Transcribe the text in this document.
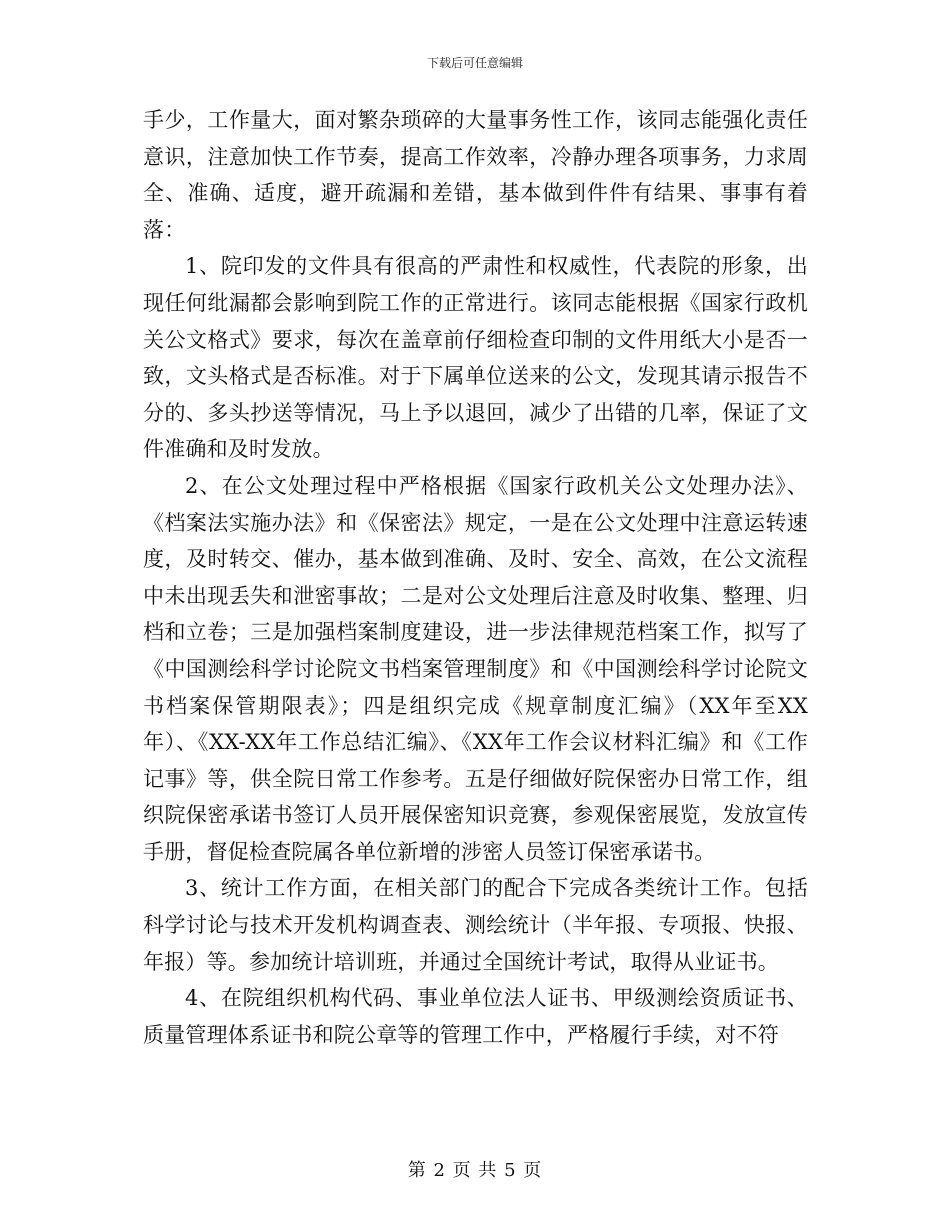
下载后可任意编辑

手少，工作量大，面对繁杂琐碎的大量事务性工作，该同志能强化责任意识，注意加快工作节奏，提高工作效率，冷静办理各项事务，力求周全、准确、适度，避开疏漏和差错，基本做到件件有结果、事事有着落：

1、院印发的文件具有很高的严肃性和权威性，代表院的形象，出现任何纰漏都会影响到院工作的正常进行。该同志能根据《国家行政机关公文格式》要求，每次在盖章前仔细检查印制的文件用纸大小是否一致，文头格式是否标准。对于下属单位送来的公文，发现其请示报告不分的、多头抄送等情况，马上予以退回，减少了出错的几率，保证了文件准确和及时发放。

2、在公文处理过程中严格根据《国家行政机关公文处理办法》、《档案法实施办法》和《保密法》规定，一是在公文处理中注意运转速度，及时转交、催办，基本做到准确、及时、安全、高效，在公文流程中未出现丢失和泄密事故；二是对公文处理后注意及时收集、整理、归档和立卷；三是加强档案制度建设，进一步法律规范档案工作，拟写了《中国测绘科学讨论院文书档案管理制度》和《中国测绘科学讨论院文书档案保管期限表》；四是组织完成《规章制度汇编》（XX年至XX年）、《XX-XX年工作总结汇编》、《XX年工作会议材料汇编》和《工作记事》等，供全院日常工作参考。五是仔细做好院保密办日常工作，组织院保密承诺书签订人员开展保密知识竞赛，参观保密展览，发放宣传手册，督促检查院属各单位新增的涉密人员签订保密承诺书。

3、统计工作方面，在相关部门的配合下完成各类统计工作。包括科学讨论与技术开发机构调查表、测绘统计（半年报、专项报、快报、年报）等。参加统计培训班，并通过全国统计考试，取得从业证书。

4、在院组织机构代码、事业单位法人证书、甲级测绘资质证书、质量管理体系证书和院公章等的管理工作中，严格履行手续，对不符

第 2 页 共 5 页
